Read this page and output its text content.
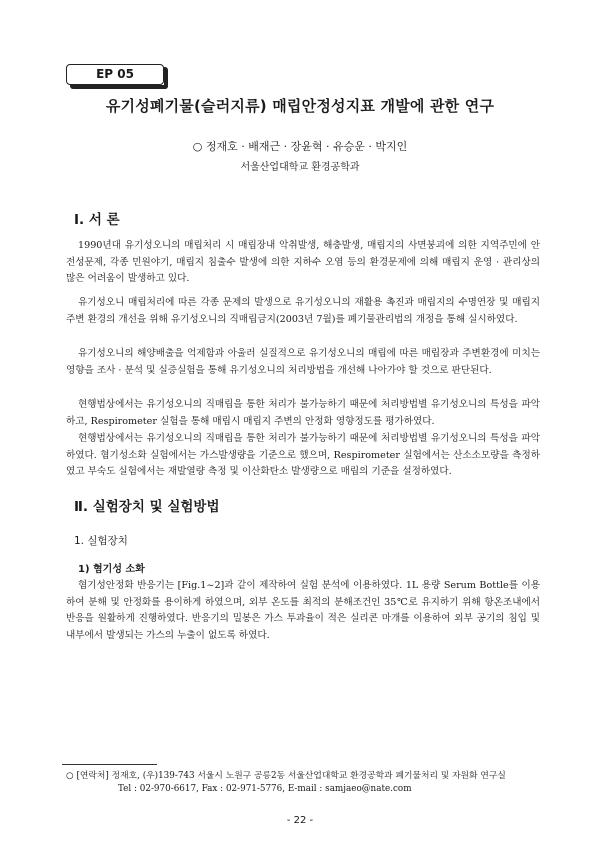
EP 05
유기성폐기물(슬러지류) 매립안정성지표 개발에 관한 연구
○ 정재호 · 배재근 · 장윤혁 · 유승운 · 박지인
서울산업대학교 환경공학과
Ⅰ. 서 론

1990년대 유기성오니의 매립처리 시 매립장내 악취발생, 해충발생, 매립지의 사면붕괴에 의한 지역주민에 안전성문제, 각종 민원야기, 매립지 침출수 발생에 의한 지하수 오염 등의 환경문제에 의해 매립지 운영 · 관리상의 많은 어려움이 발생하고 있다.

유기성오니 매립처리에 따른 각종 문제의 발생으로 유기성오니의 재활용 촉진과 매립지의 수명연장 및 매립지 주변 환경의 개선을 위해 유기성오니의 직매립금지(2003년 7월)를 폐기물관리법의 개정을 통해 실시하였다.

유기성오니의 해양배출을 억제함과 아울러 실질적으로 유기성오니의 매립에 따른 매립장과 주변환경에 미치는 영향을 조사 · 분석 및 실증실험을 통해 유기성오니의 처리방법을 개선해 나아가야 할 것으로 판단된다.

현행법상에서는 유기성오니의 직매립을 통한 처리가 불가능하기 때문에 처리방법별 유기성오니의 특성을 파악하고, Respirometer 실험을 통해 매립시 매립지 주변의 안정화 영향정도를 평가하였다.

현행법상에서는 유기성오니의 직매립을 통한 처리가 불가능하기 때문에 처리방법별 유기성오니의 특성을 파악하였다. 혐기성소화 실험에서는 가스발생량을 기준으로 했으며, Respirometer 실험에서는 산소소모량을 측정하였고 부숙도 실험에서는 재발열량 측정 및 이산화탄소 발생량으로 매립의 기준을 설정하였다.

Ⅱ. 실험장치 및 실험방법
1. 실험장치
1) 혐기성 소화

혐기성안정화 반응기는 [Fig.1~2]과 같이 제작하여 실험 분석에 이용하였다. 1L 용량 Serum Bottle를 이용하여 분해 및 안정화를 용이하게 하였으며, 외부 온도를 최적의 분해조건인 35℃로 유지하기 위해 항온조내에서 반응을 원활하게 진행하였다. 반응기의 밀봉은 가스 투과율이 적은 실리콘 마개를 이용하여 외부 공기의 침입 및 내부에서 발생되는 가스의 누출이 없도록 하였다.

○ [연락처] 정재호, (우)139-743 서울시 노원구 공릉2동 서울산업대학교 환경공학과 폐기물처리 및 자원화 연구실
Tel : 02-970-6617, Fax : 02-971-5776, E-mail : samjaeo@nate.com
- 22 -
